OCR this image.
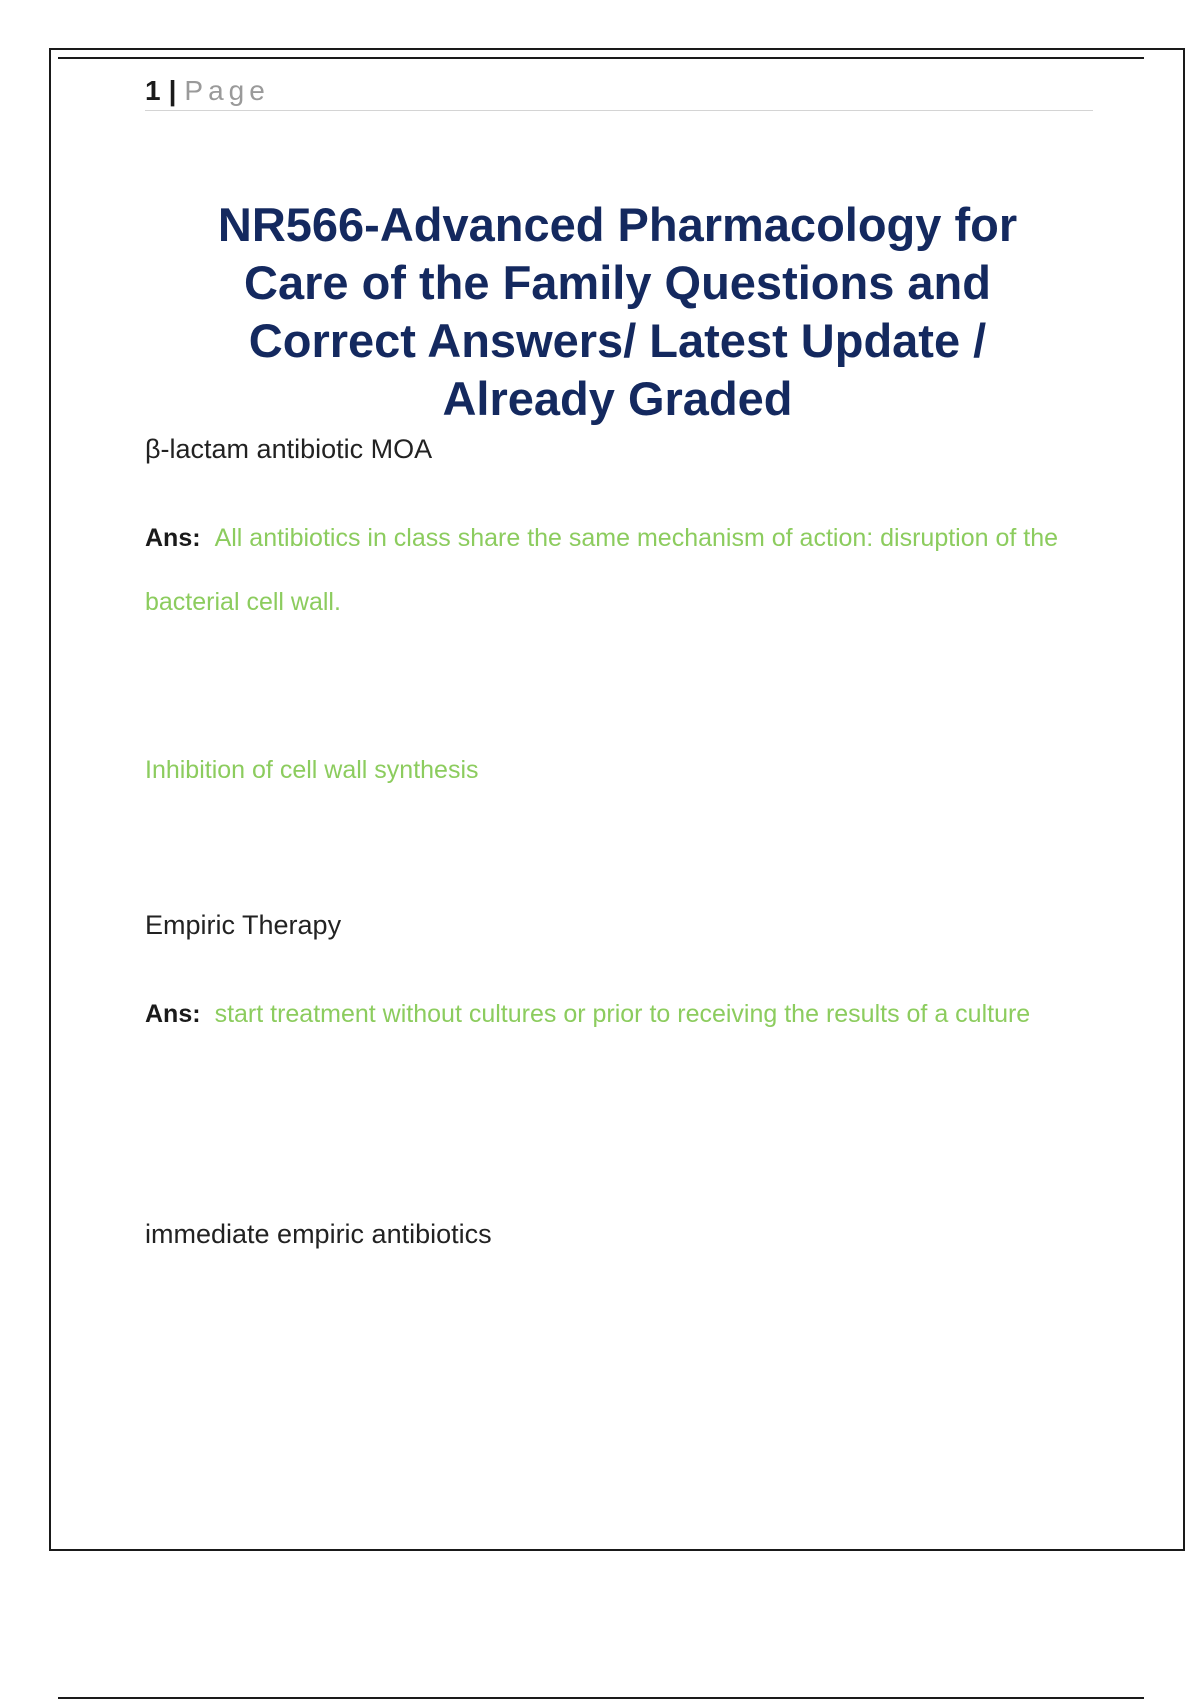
1 | Page
NR566-Advanced Pharmacology for Care of the Family Questions and Correct Answers/ Latest Update / Already Graded

β-lactam antibiotic MOA

Ans: All antibiotics in class share the same mechanism of action: disruption of the bacterial cell wall.

Inhibition of cell wall synthesis

Empiric Therapy

Ans: start treatment without cultures or prior to receiving the results of a culture

immediate empiric antibiotics
